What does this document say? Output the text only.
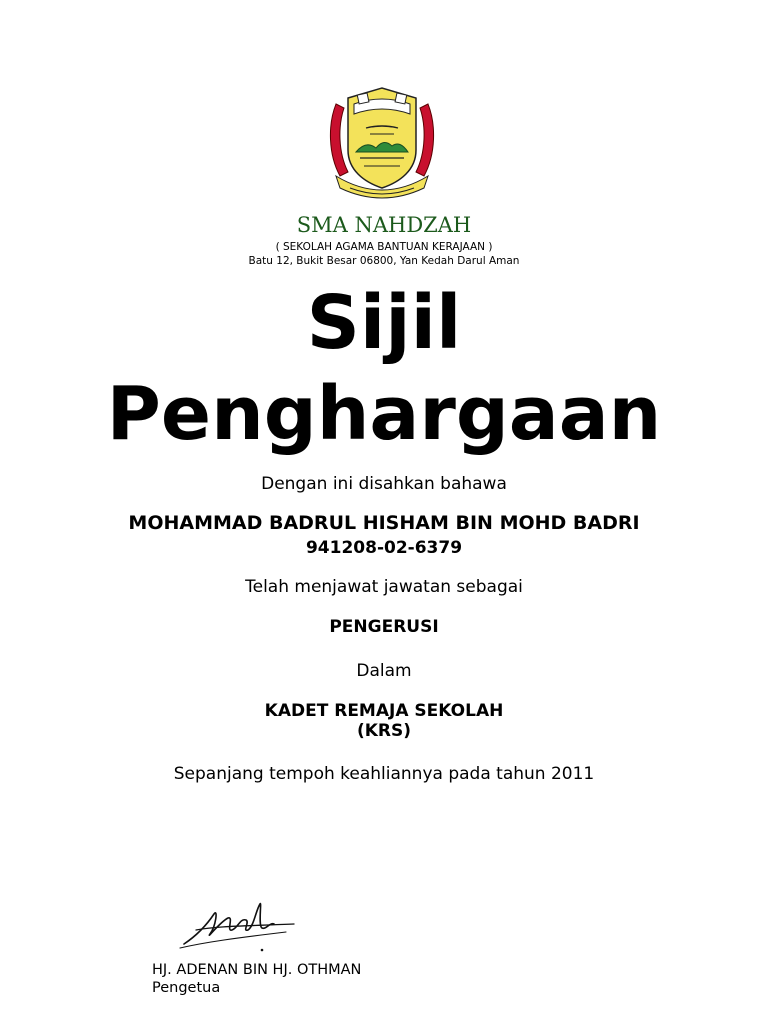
SMA NAHDZAH
( SEKOLAH AGAMA BANTUAN KERAJAAN )
Batu 12, Bukit Besar 06800, Yan Kedah Darul Aman
Sijil
Penghargaan
Dengan ini disahkan bahawa
MOHAMMAD BADRUL HISHAM BIN MOHD BADRI
941208-02-6379
Telah menjawat jawatan sebagai
PENGERUSI
Dalam
KADET REMAJA SEKOLAH
(KRS)
Sepanjang tempoh keahliannya pada tahun 2011
HJ. ADENAN BIN HJ. OTHMAN
Pengetua
